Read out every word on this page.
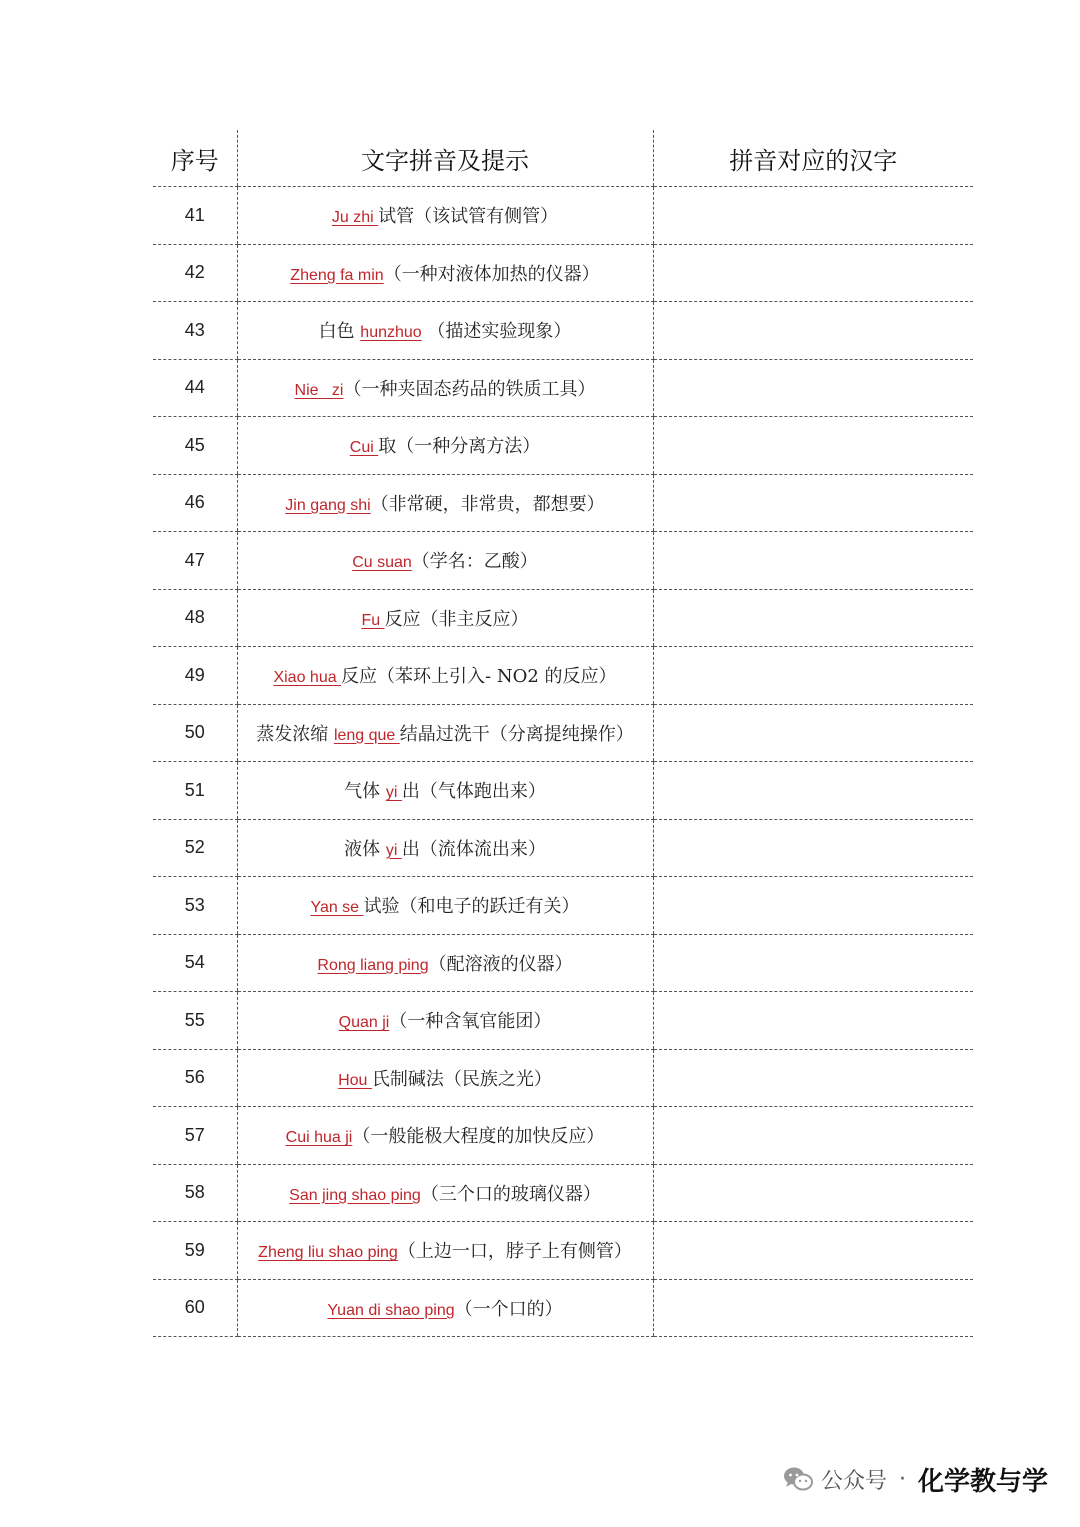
序号	文字拼音及提示	拼音对应的汉字
41	Ju zhi 试管（该试管有侧管）	
42	Zheng fa min（一种对液体加热的仪器）	
43	白色 hunzhuo （描述实验现象）	
44	Nie   zi（一种夹固态药品的铁质工具）	
45	Cui 取（一种分离方法）	
46	Jin gang shi（非常硬，非常贵，都想要）	
47	Cu suan（学名：乙酸）	
48	Fu 反应（非主反应）	
49	Xiao hua 反应（苯环上引入- NO2 的反应）	
50	蒸发浓缩 leng que 结晶过洗干（分离提纯操作）	
51	气体 yi 出（气体跑出来）	
52	液体 yi 出（流体流出来）	
53	Yan se 试验（和电子的跃迁有关）	
54	Rong liang ping（配溶液的仪器）	
55	Quan ji（一种含氧官能团）	
56	Hou 氏制碱法（民族之光）	
57	Cui hua ji（一般能极大程度的加快反应）	
58	San jing shao ping（三个口的玻璃仪器）	
59	Zheng liu shao ping（上边一口，脖子上有侧管）	
60	Yuan di shao ping（一个口的）	
公众号 · 化学教与学
